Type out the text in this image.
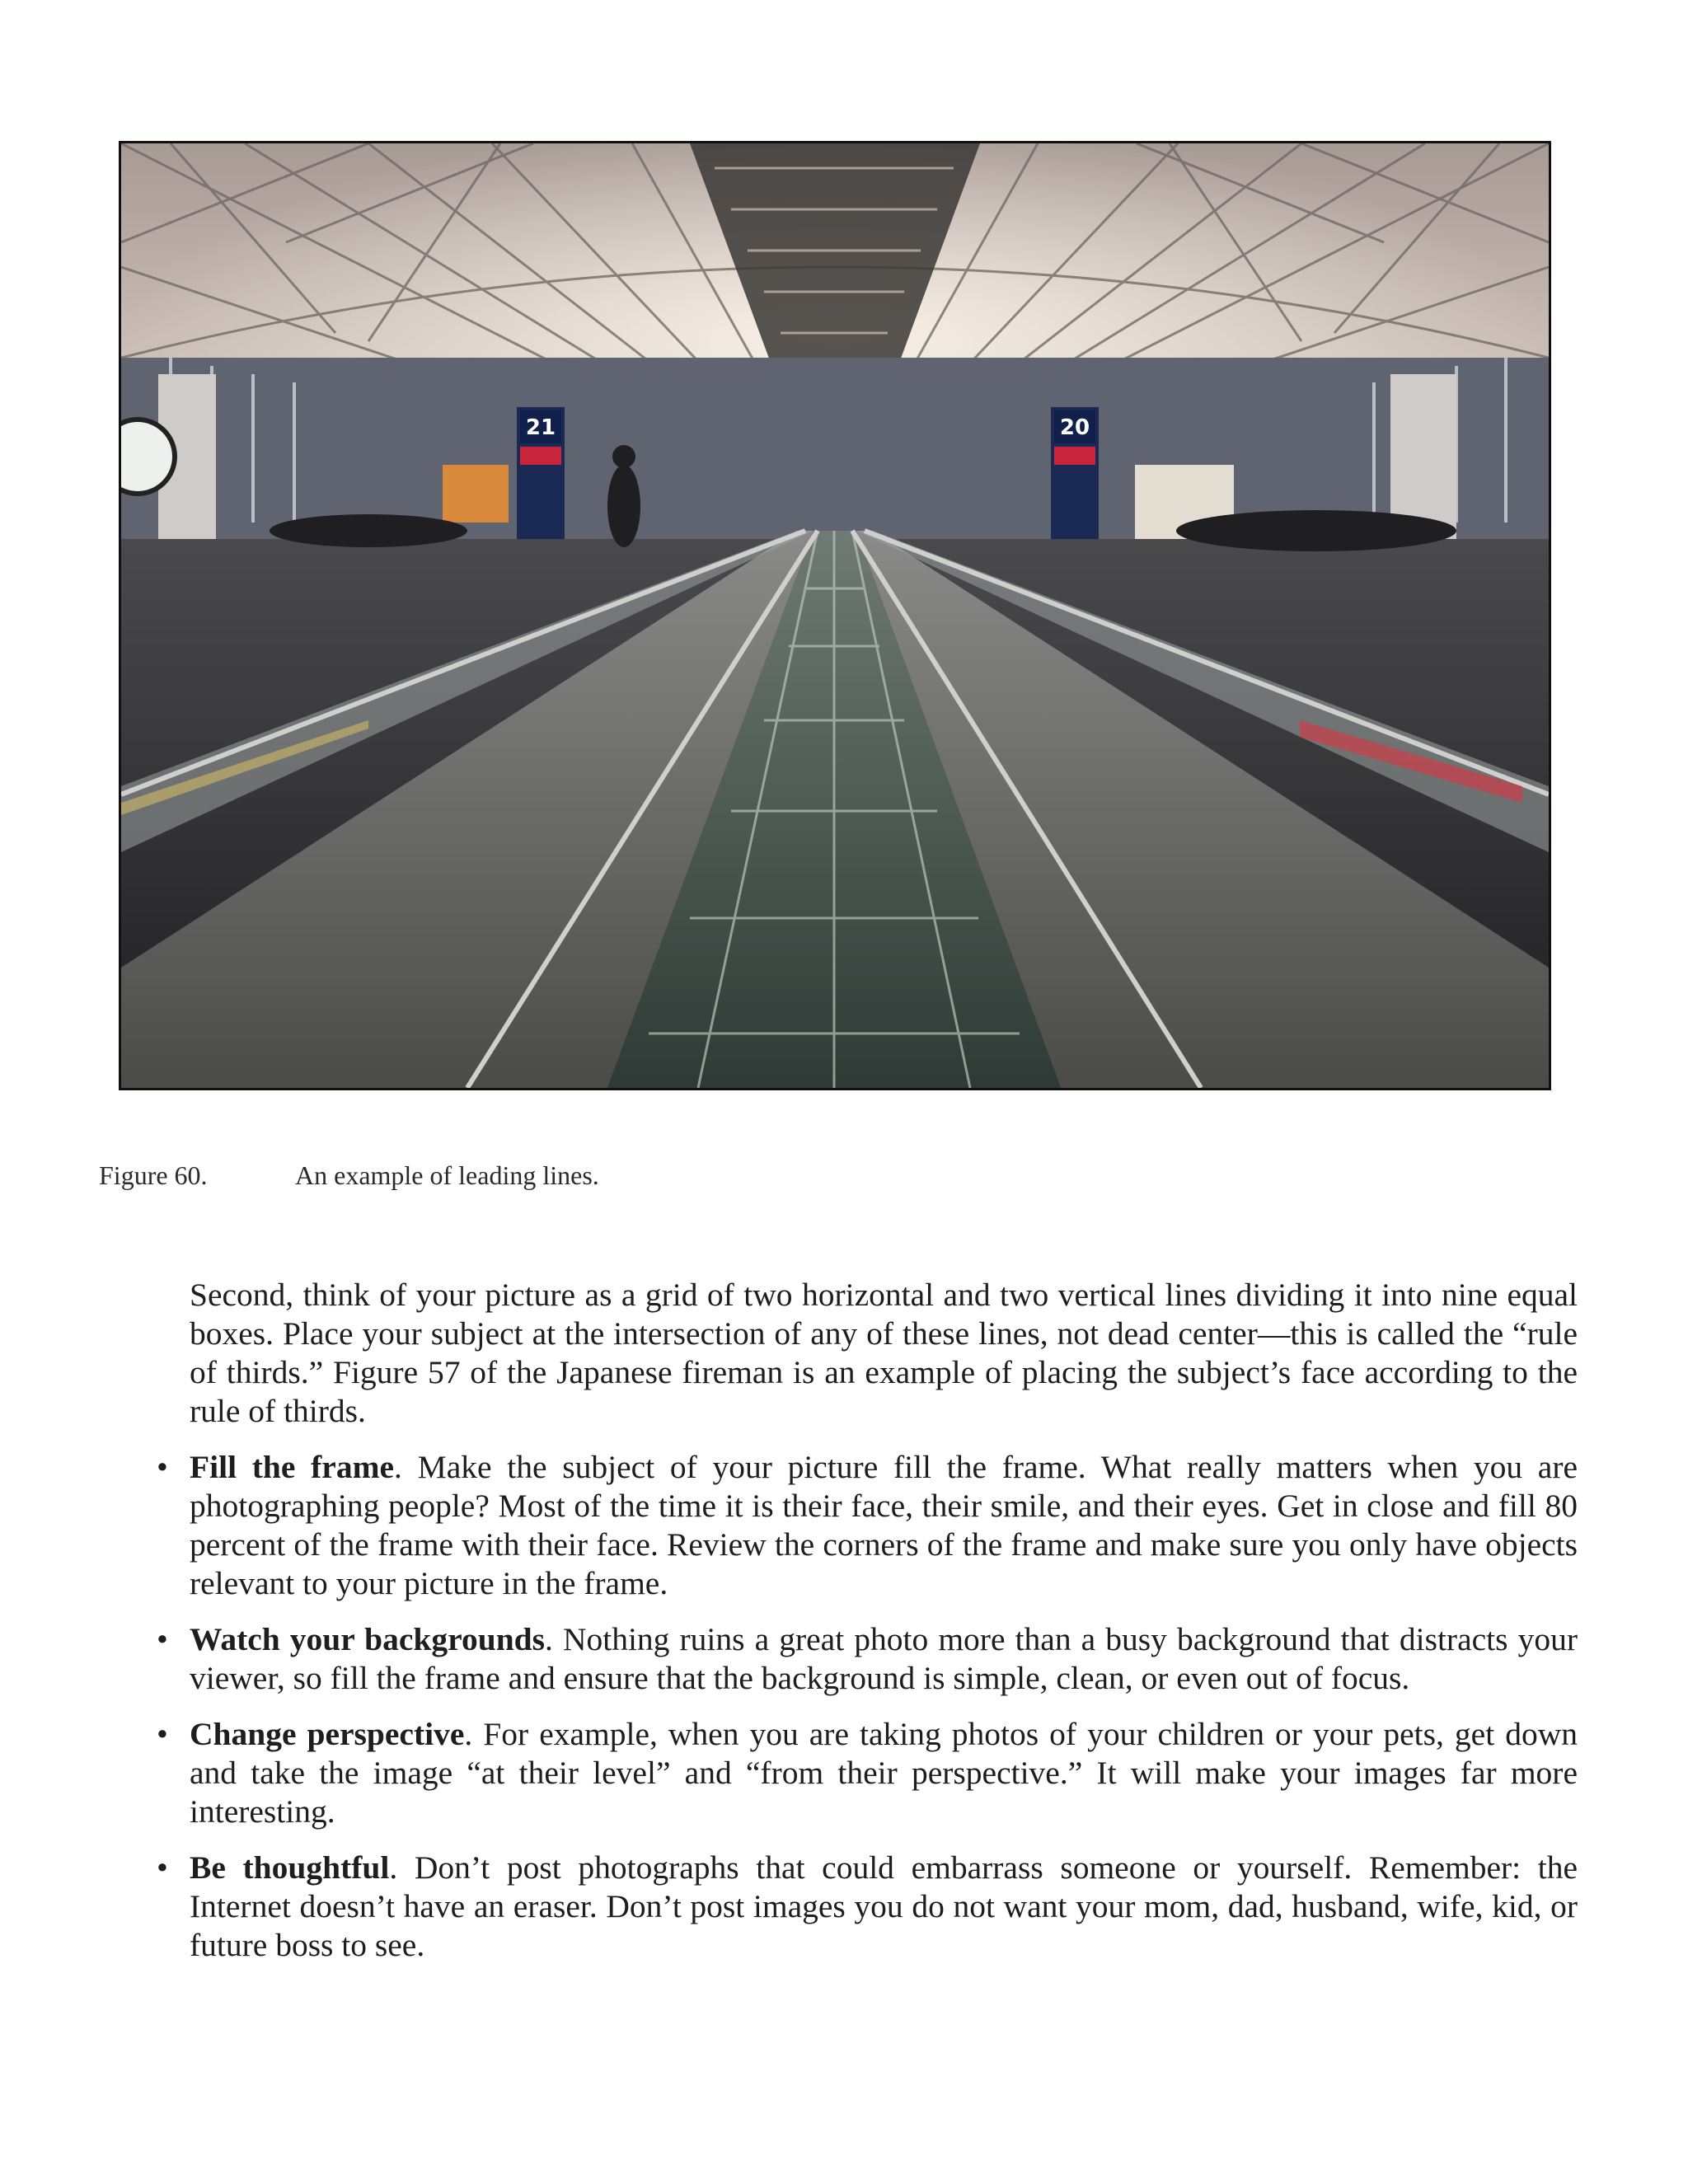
21	20
Figure 60.	An example of leading lines.

Second, think of your picture as a grid of two horizontal and two vertical lines dividing it into nine equal boxes. Place your subject at the intersection of any of these lines, not dead center—this is called the “rule of thirds.” Figure 57 of the Japanese fireman is an example of placing the subject’s face according to the rule of thirds.

• Fill the frame. Make the subject of your picture fill the frame. What really matters when you are photographing people? Most of the time it is their face, their smile, and their eyes. Get in close and fill 80 percent of the frame with their face. Review the corners of the frame and make sure you only have objects relevant to your picture in the frame.
• Watch your backgrounds. Nothing ruins a great photo more than a busy background that distracts your viewer, so fill the frame and ensure that the background is simple, clean, or even out of focus.
• Change perspective. For example, when you are taking photos of your children or your pets, get down and take the image “at their level” and “from their perspective.” It will make your images far more interesting.
• Be thoughtful. Don’t post photographs that could embarrass someone or yourself. Remember: the Internet doesn’t have an eraser. Don’t post images you do not want your mom, dad, husband, wife, kid, or future boss to see.
